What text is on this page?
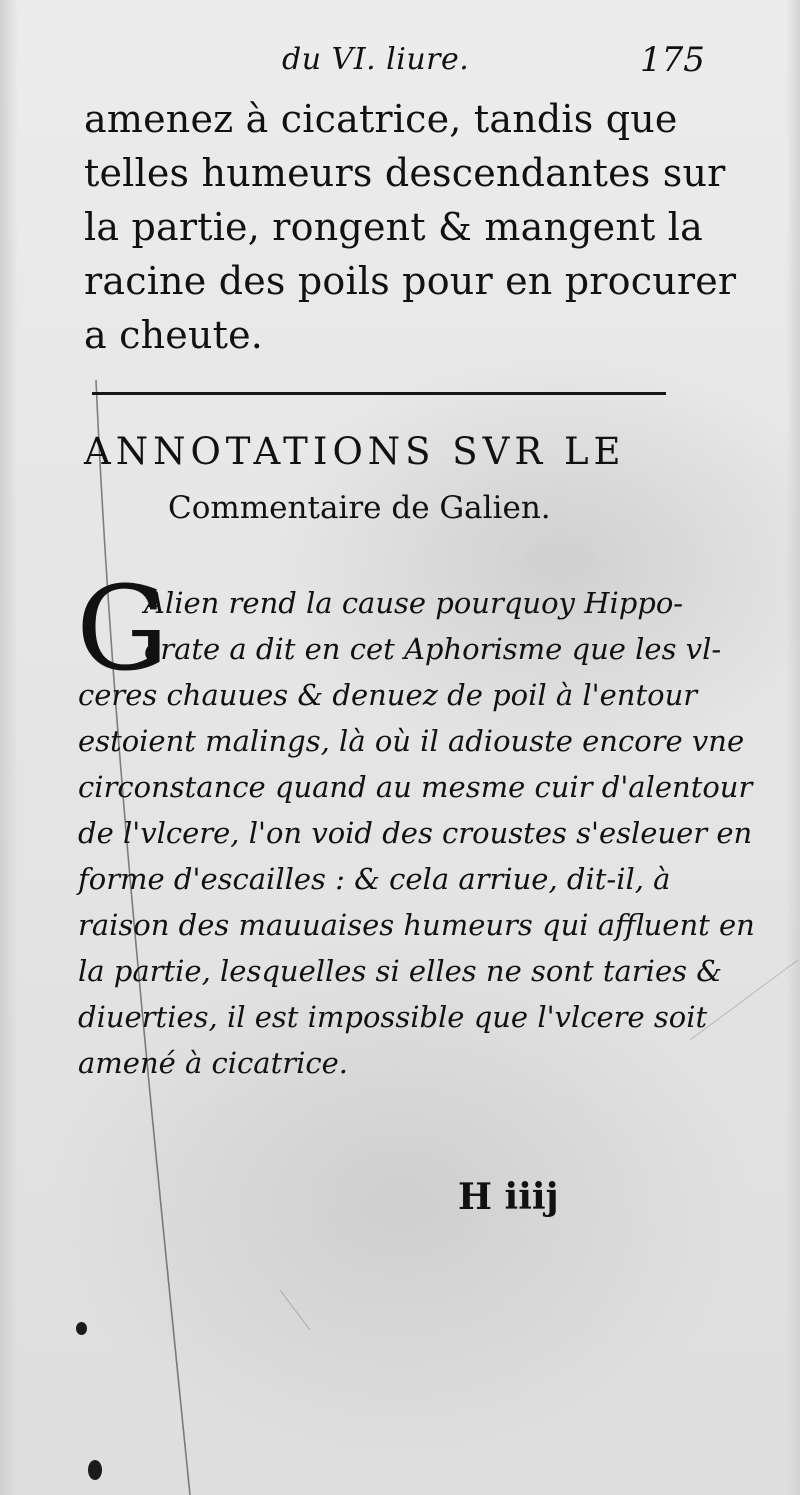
du VI. liure.	175
amenez à cicatrice, tandis que
telles humeurs descendantes sur
la partie, rongent & mangent la
racine des poils pour en procurer
a cheute.
ANNOTATIONS SVR LE
Commentaire de Galien.
G
Alien rend la cause pourquoy Hippo-
crate a dit en cet Aphorisme que les vl-
ceres chauues & denuez de poil à l'entour
estoient malings, là où il adiouste encore vne
circonstance quand au mesme cuir d'alentour
de l'vlcere, l'on void des croustes s'esleuer en
forme d'escailles : & cela arriue, dit-il, à
raison des mauuaises humeurs qui affluent en
la partie, lesquelles si elles ne sont taries &
diuerties, il est impossible que l'vlcere soit
amené à cicatrice.
H iiij
